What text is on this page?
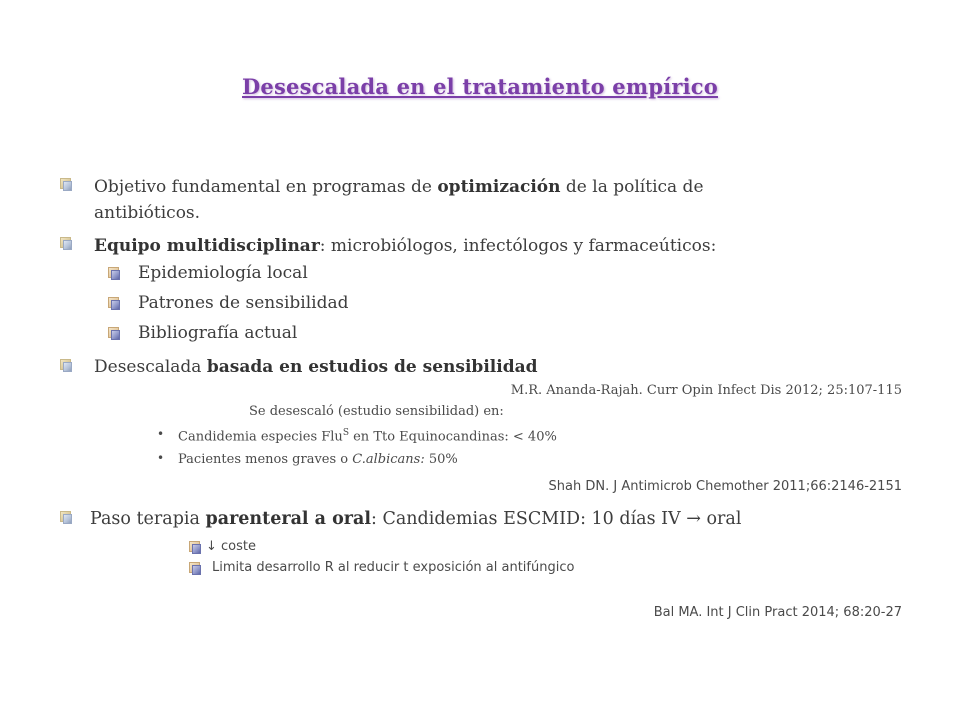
Desescalada en el tratamiento empírico
Objetivo fundamental en programas de optimización de la política de
antibióticos.
Equipo multidisciplinar: microbiólogos, infectólogos y farmaceúticos:
Epidemiología local
Patrones de sensibilidad
Bibliografía actual
Desescalada basada en estudios de sensibilidad
M.R. Ananda-Rajah. Curr Opin Infect Dis 2012; 25:107-115
Se desescaló (estudio sensibilidad) en:
• Candidemia especies Flu$^S$ en Tto Equinocandinas: < 40%
• Pacientes menos graves o C.albicans: 50%
Shah DN. J Antimicrob Chemother 2011;66:2146-2151
Paso terapia parenteral a oral: Candidemias ESCMID: 10 días IV → oral
↓ coste
Limita desarrollo R al reducir t exposición al antifúngico
Bal MA. Int J Clin Pract 2014; 68:20-27
